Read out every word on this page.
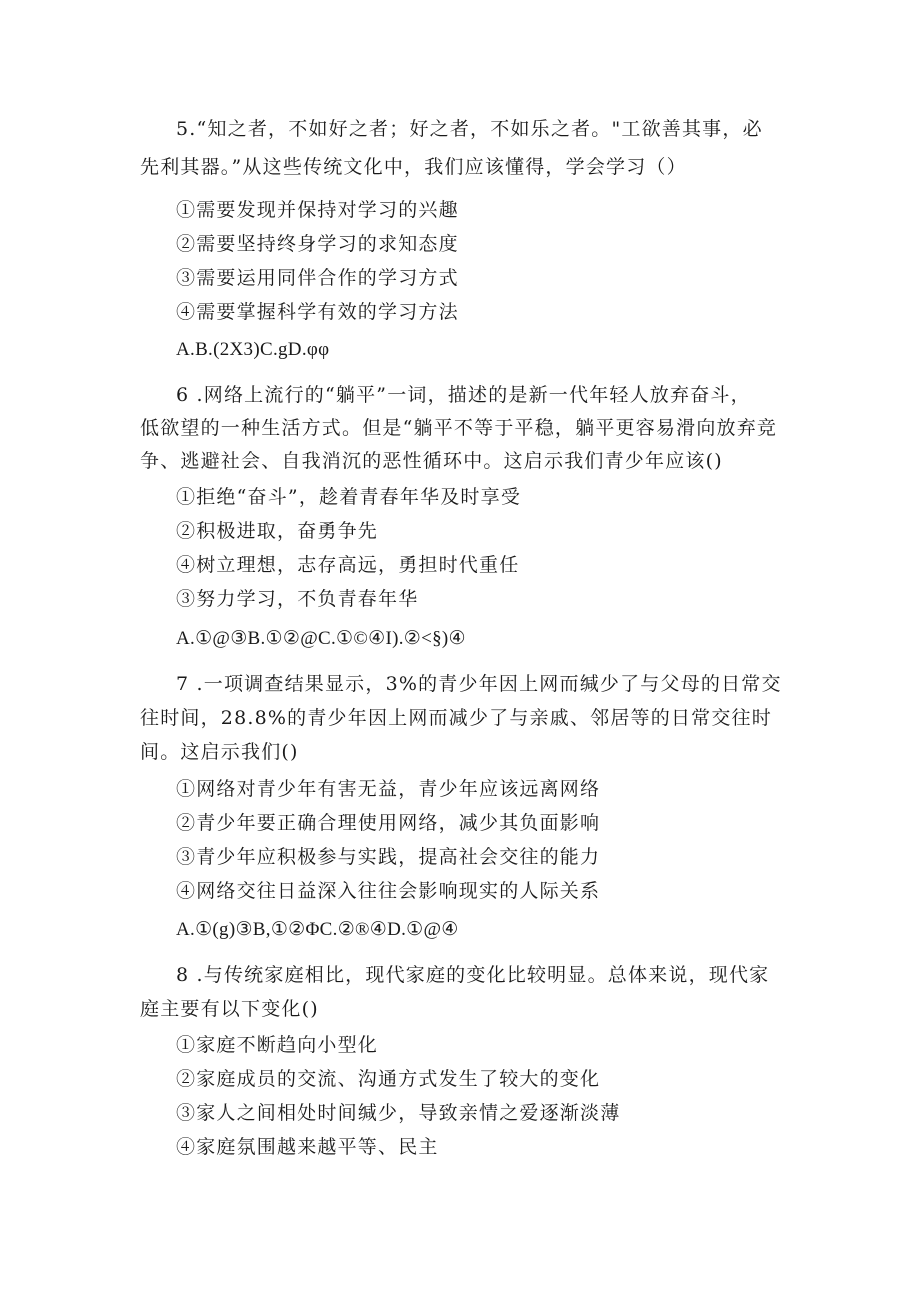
5.“知之者，不如好之者；好之者，不如乐之者。"工欲善其事，必
先利其器。”从这些传统文化中，我们应该懂得，学会学习（）
①需要发现并保持对学习的兴趣
②需要坚持终身学习的求知态度
③需要运用同伴合作的学习方式
④需要掌握科学有效的学习方法
A.B.(2X3)C.gD.φφ
6 .网络上流行的“躺平”一词，描述的是新一代年轻人放弃奋斗，
低欲望的一种生活方式。但是“躺平不等于平稳，躺平更容易滑向放弃竞
争、逃避社会、自我消沉的恶性循环中。这启示我们青少年应该()
①拒绝“奋斗”，趁着青春年华及时享受
②积极进取，奋勇争先
④树立理想，志存高远，勇担时代重任
③努力学习，不负青春年华
A.①@③B.①②@C.①©④I).②<§)④
7 .一项调查结果显示，3%的青少年因上网而缄少了与父母的日常交
往时间，28.8%的青少年因上网而减少了与亲戚、邻居等的日常交往时
间。这启示我们()
①网络对青少年有害无益，青少年应该远离网络
②青少年要正确合理使用网络，减少其负面影响
③青少年应积极参与实践，提高社会交往的能力
④网络交往日益深入往往会影响现实的人际关系
A.①(g)③B,①②ΦC.②®④D.①@④
8 .与传统家庭相比，现代家庭的变化比较明显。总体来说，现代家
庭主要有以下变化()
①家庭不断趋向小型化
②家庭成员的交流、沟通方式发生了较大的变化
③家人之间相处时间缄少，导致亲情之爱逐渐淡薄
④家庭氛围越来越平等、民主
